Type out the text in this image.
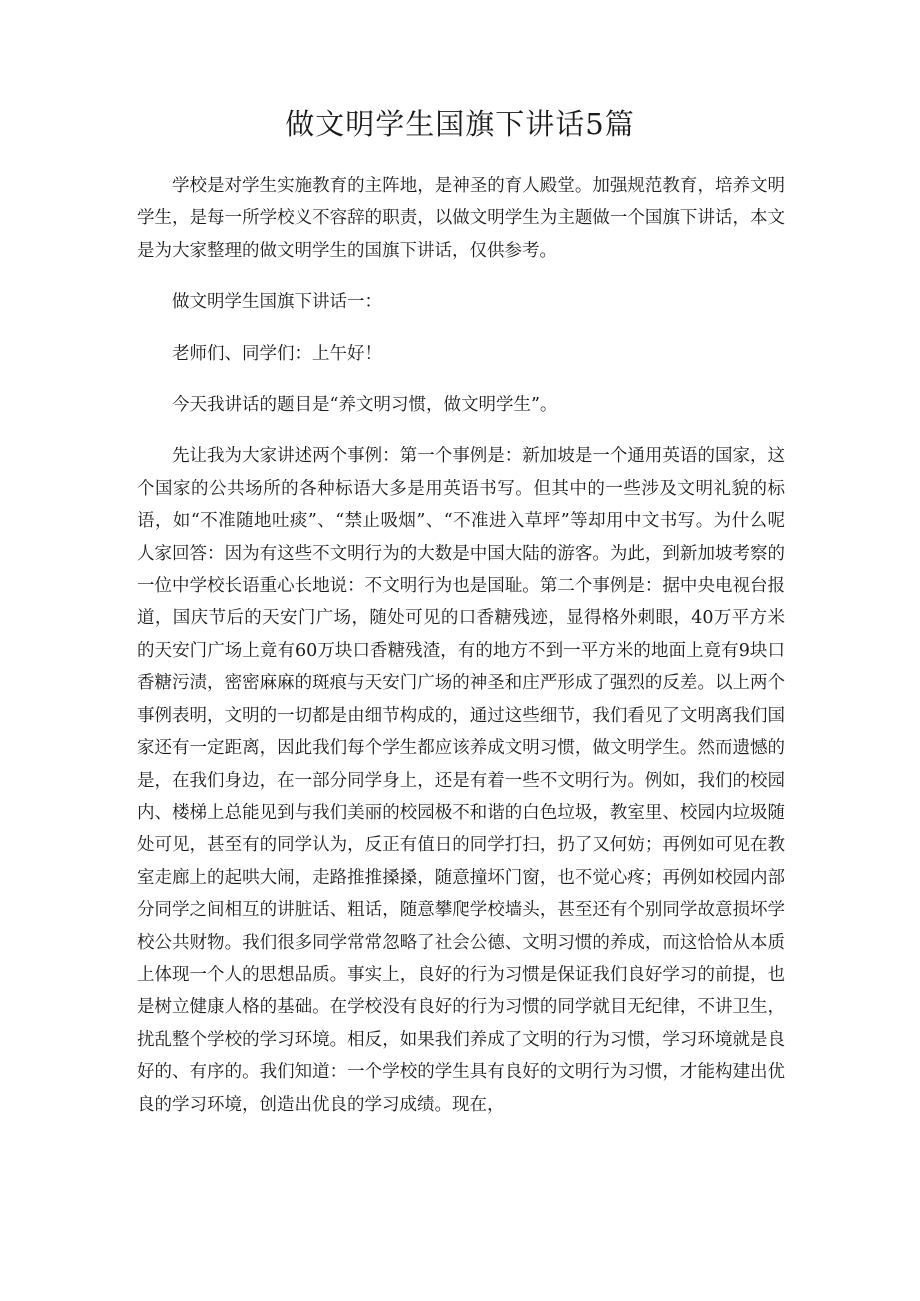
做文明学生国旗下讲话5篇

学校是对学生实施教育的主阵地，是神圣的育人殿堂。加强规范教育，培养文明学生，是每一所学校义不容辞的职责，以做文明学生为主题做一个国旗下讲话，本文是为大家整理的做文明学生的国旗下讲话，仅供参考。

做文明学生国旗下讲话一：

老师们、同学们：上午好！

今天我讲话的题目是“养文明习惯，做文明学生”。

先让我为大家讲述两个事例：第一个事例是：新加坡是一个通用英语的国家，这个国家的公共场所的各种标语大多是用英语书写。但其中的一些涉及文明礼貌的标语，如“不准随地吐痰”、“禁止吸烟”、“不准进入草坪”等却用中文书写。为什么呢人家回答：因为有这些不文明行为的大数是中国大陆的游客。为此，到新加坡考察的一位中学校长语重心长地说：不文明行为也是国耻。第二个事例是：据中央电视台报道，国庆节后的天安门广场，随处可见的口香糖残迹，显得格外刺眼，40万平方米的天安门广场上竟有60万块口香糖残渣，有的地方不到一平方米的地面上竟有9块口香糖污渍，密密麻麻的斑痕与天安门广场的神圣和庄严形成了强烈的反差。以上两个事例表明，文明的一切都是由细节构成的，通过这些细节，我们看见了文明离我们国家还有一定距离，因此我们每个学生都应该养成文明习惯，做文明学生。然而遗憾的是，在我们身边，在一部分同学身上，还是有着一些不文明行为。例如，我们的校园内、楼梯上总能见到与我们美丽的校园极不和谐的白色垃圾，教室里、校园内垃圾随处可见，甚至有的同学认为，反正有值日的同学打扫，扔了又何妨；再例如可见在教室走廊上的起哄大闹，走路推推搡搡，随意撞坏门窗，也不觉心疼；再例如校园内部分同学之间相互的讲脏话、粗话，随意攀爬学校墙头，甚至还有个别同学故意损坏学校公共财物。我们很多同学常常忽略了社会公德、文明习惯的养成，而这恰恰从本质上体现一个人的思想品质。事实上，良好的行为习惯是保证我们良好学习的前提，也是树立健康人格的基础。在学校没有良好的行为习惯的同学就目无纪律，不讲卫生，扰乱整个学校的学习环境。相反，如果我们养成了文明的行为习惯，学习环境就是良好的、有序的。我们知道：一个学校的学生具有良好的文明行为习惯，才能构建出优良的学习环境，创造出优良的学习成绩。现在，
